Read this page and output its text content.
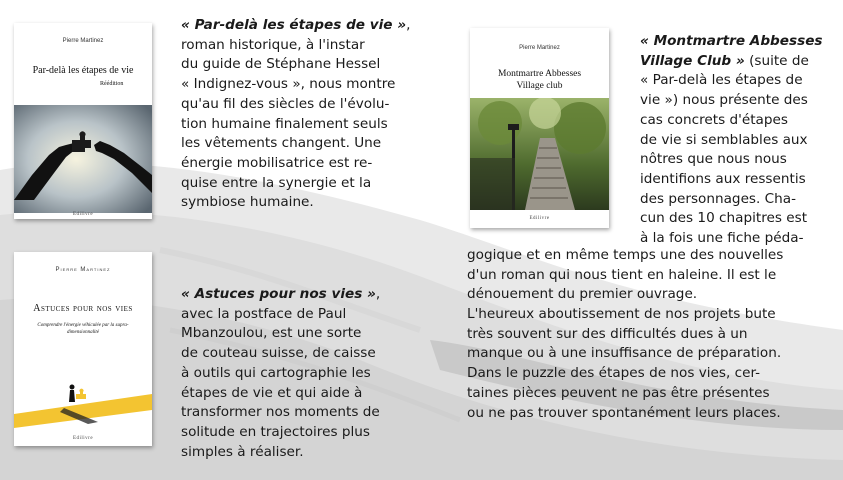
Pierre Martinez
Par-delà les étapes de vie
Réédition
Edilivre
Pierre Martinez
Astuces pour nos vies
Comprendre l'énergie véhiculée par la supra-dimensionnalité
Edilivre
Pierre Martinez
Montmartre Abbesses Village club
Edilivre
« Par-delà les étapes de vie »,
roman historique, à l'instar
du guide de Stéphane Hessel
« Indignez-vous », nous montre
qu'au fil des siècles de l'évolu-
tion humaine finalement seuls
les vêtements changent. Une
énergie mobilisatrice est re-
quise entre la synergie et la
symbiose humaine.
« Astuces pour nos vies »,
avec la postface de Paul
Mbanzoulou, est une sorte
de couteau suisse, de caisse
à outils qui cartographie les
étapes de vie et qui aide à
transformer nos moments de
solitude en trajectoires plus
simples à réaliser.
« Montmartre Abbesses
Village Club » (suite de
« Par-delà les étapes de
vie ») nous présente des
cas concrets d'étapes
de vie si semblables aux
nôtres que nous nous
identifions aux ressentis
des personnages. Cha-
cun des 10 chapitres est
à la fois une fiche péda-
gogique et en même temps une des nouvelles
d'un roman qui nous tient en haleine. Il est le
dénouement du premier ouvrage.
L'heureux aboutissement de nos projets bute
très souvent sur des difficultés dues à un
manque ou à une insuffisance de préparation.
Dans le puzzle des étapes de nos vies, cer-
taines pièces peuvent ne pas être présentes
ou ne pas trouver spontanément leurs places.
